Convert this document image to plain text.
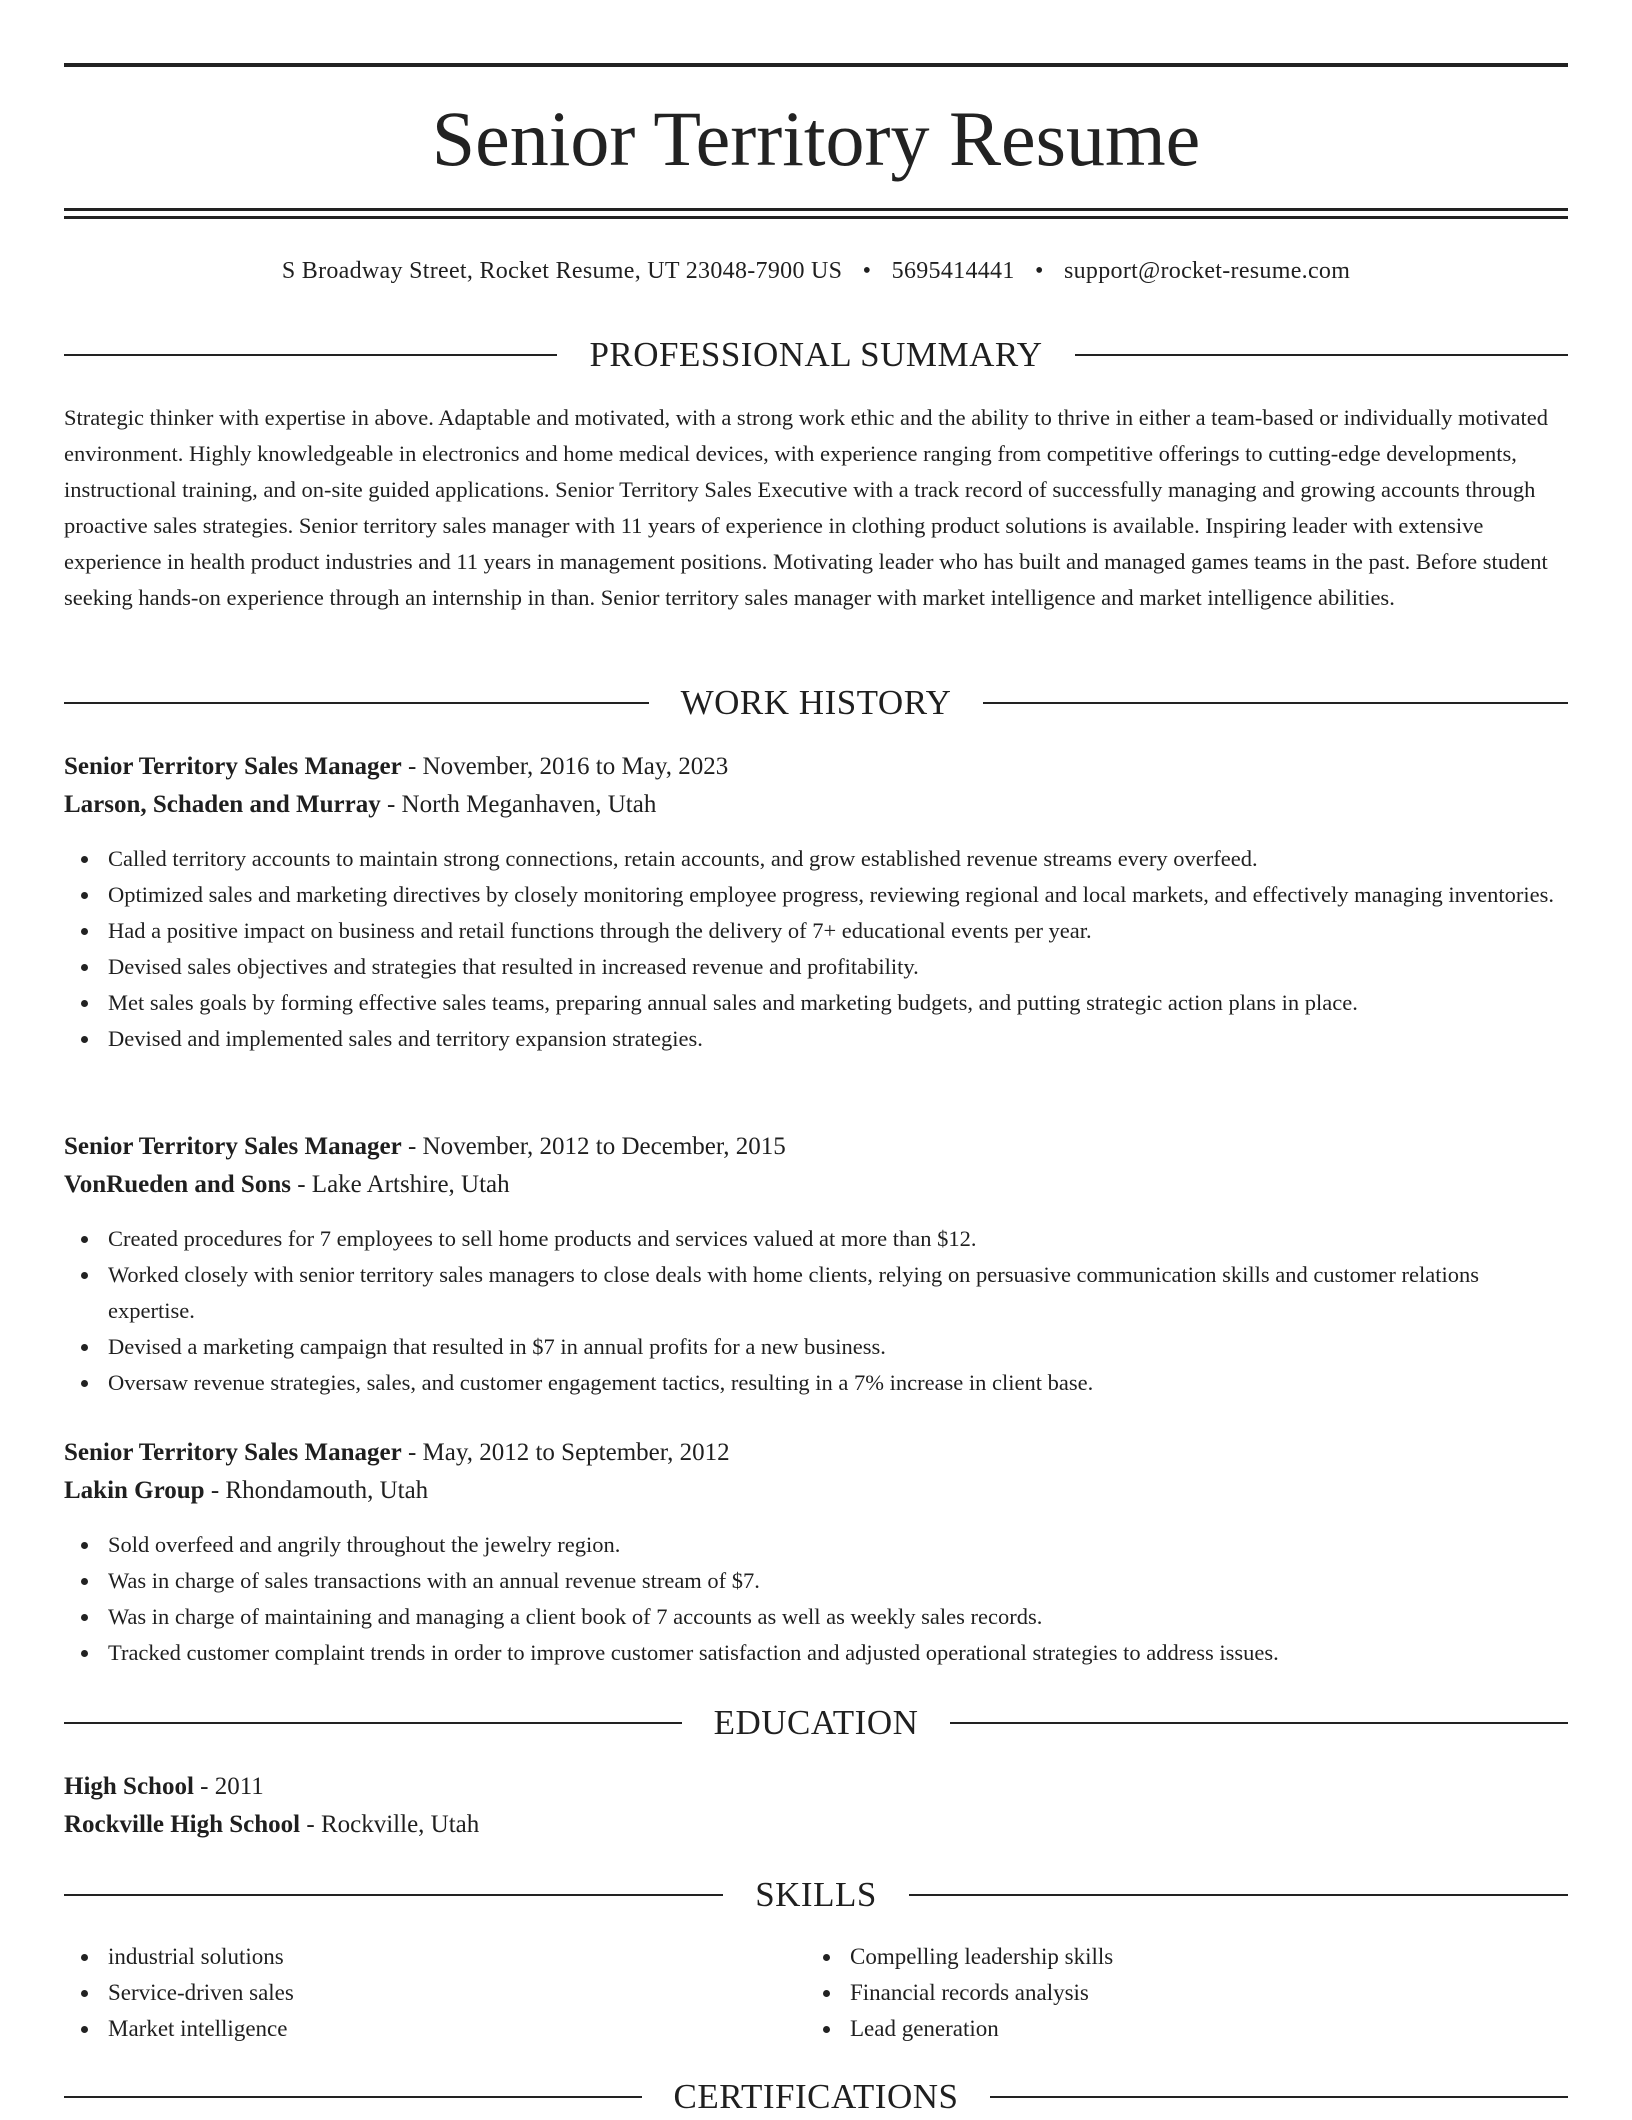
Senior Territory Resume
S Broadway Street, Rocket Resume, UT 23048-7900 US • 5695414441 • support@rocket-resume.com
PROFESSIONAL SUMMARY

Strategic thinker with expertise in above. Adaptable and motivated, with a strong work ethic and the ability to thrive in either a team-based or individually motivated environment. Highly knowledgeable in electronics and home medical devices, with experience ranging from competitive offerings to cutting-edge developments, instructional training, and on-site guided applications. Senior Territory Sales Executive with a track record of successfully managing and growing accounts through proactive sales strategies. Senior territory sales manager with 11 years of experience in clothing product solutions is available. Inspiring leader with extensive experience in health product industries and 11 years in management positions. Motivating leader who has built and managed games teams in the past. Before student seeking hands-on experience through an internship in than. Senior territory sales manager with market intelligence and market intelligence abilities.

WORK HISTORY
Senior Territory Sales Manager - November, 2016 to May, 2023
Larson, Schaden and Murray - North Meganhaven, Utah
Called territory accounts to maintain strong connections, retain accounts, and grow established revenue streams every overfeed.
Optimized sales and marketing directives by closely monitoring employee progress, reviewing regional and local markets, and effectively managing inventories.
Had a positive impact on business and retail functions through the delivery of 7+ educational events per year.
Devised sales objectives and strategies that resulted in increased revenue and profitability.
Met sales goals by forming effective sales teams, preparing annual sales and marketing budgets, and putting strategic action plans in place.
Devised and implemented sales and territory expansion strategies.
Senior Territory Sales Manager - November, 2012 to December, 2015
VonRueden and Sons - Lake Artshire, Utah
Created procedures for 7 employees to sell home products and services valued at more than $12.
Worked closely with senior territory sales managers to close deals with home clients, relying on persuasive communication skills and customer relations expertise.
Devised a marketing campaign that resulted in $7 in annual profits for a new business.
Oversaw revenue strategies, sales, and customer engagement tactics, resulting in a 7% increase in client base.
Senior Territory Sales Manager - May, 2012 to September, 2012
Lakin Group - Rhondamouth, Utah
Sold overfeed and angrily throughout the jewelry region.
Was in charge of sales transactions with an annual revenue stream of $7.
Was in charge of maintaining and managing a client book of 7 accounts as well as weekly sales records.
Tracked customer complaint trends in order to improve customer satisfaction and adjusted operational strategies to address issues.
EDUCATION
High School - 2011
Rockville High School - Rockville, Utah
SKILLS
industrial solutions
Service-driven sales
Market intelligence
Compelling leadership skills
Financial records analysis
Lead generation
CERTIFICATIONS
